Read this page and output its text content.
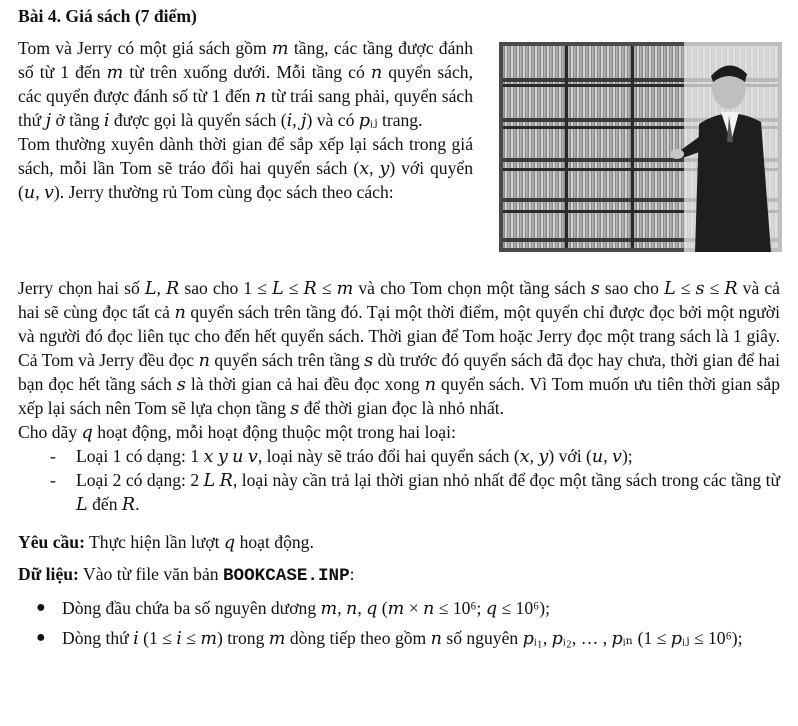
Bài 4. Giá sách (7 điểm)

Tom và Jerry có một giá sách gồm 𝑚 tầng, các tầng được đánh số từ 1 đến 𝑚 từ trên xuống dưới. Mỗi tầng có 𝑛 quyển sách, các quyển được đánh số từ 1 đến 𝑛 từ trái sang phải, quyển sách thứ 𝑗 ở tầng 𝑖 được gọi là quyển sách (𝑖, 𝑗) và có 𝑝ᵢⱼ trang.

Tom thường xuyên dành thời gian để sắp xếp lại sách trong giá sách, mỗi lần Tom sẽ tráo đổi hai quyển sách (𝑥, 𝑦) với quyển (𝑢, 𝑣). Jerry thường rủ Tom cùng đọc sách theo cách:

Jerry chọn hai số 𝐿, 𝑅 sao cho 1 ≤ 𝐿 ≤ 𝑅 ≤ 𝑚 và cho Tom chọn một tầng sách 𝑠 sao cho 𝐿 ≤ 𝑠 ≤ 𝑅 và cả hai sẽ cùng đọc tất cả 𝑛 quyển sách trên tầng đó. Tại một thời điểm, một quyển chỉ được đọc bởi một người và người đó đọc liên tục cho đến hết quyển sách. Thời gian để Tom hoặc Jerry đọc một trang sách là 1 giây. Cả Tom và Jerry đều đọc 𝑛 quyển sách trên tầng 𝑠 dù trước đó quyển sách đã đọc hay chưa, thời gian để hai bạn đọc hết tầng sách 𝑠 là thời gian cả hai đều đọc xong 𝑛 quyển sách. Vì Tom muốn ưu tiên thời gian sắp xếp lại sách nên Tom sẽ lựa chọn tầng 𝑠 để thời gian đọc là nhỏ nhất.

Cho dãy 𝑞 hoạt động, mỗi hoạt động thuộc một trong hai loại:

- Loại 1 có dạng: 1 𝑥 𝑦 𝑢 𝑣, loại này sẽ tráo đổi hai quyển sách (𝑥, 𝑦) với (𝑢, 𝑣);
- Loại 2 có dạng: 2 𝐿 𝑅, loại này cần trả lại thời gian nhỏ nhất để đọc một tầng sách trong các tầng từ 𝐿 đến 𝑅.

Yêu cầu: Thực hiện lần lượt 𝑞 hoạt động.

Dữ liệu: Vào từ file văn bản BOOKCASE.INP:

● Dòng đầu chứa ba số nguyên dương 𝑚, 𝑛, 𝑞 (𝑚 × 𝑛 ≤ 10⁶; 𝑞 ≤ 10⁶);
● Dòng thứ 𝑖 (1 ≤ 𝑖 ≤ 𝑚) trong 𝑚 dòng tiếp theo gồm 𝑛 số nguyên 𝑝ᵢ₁, 𝑝ᵢ₂, … , 𝑝ᵢₙ (1 ≤ 𝑝ᵢⱼ ≤ 10⁶);
